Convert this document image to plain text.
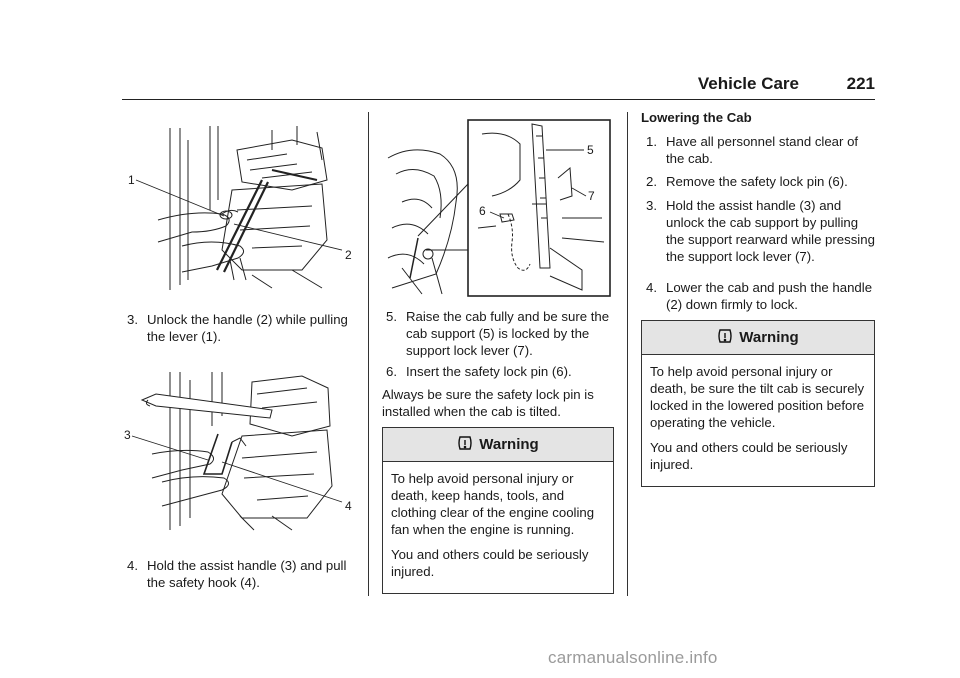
Vehicle Care	221
1
2
3. Unlock the handle (2) while pulling the lever (1).
3
4
4. Hold the assist handle (3) and pull the safety hook (4).
5
7
6
5. Raise the cab fully and be sure the cab support (5) is locked by the support lock lever (7).
6. Insert the safety lock pin (6).
Always be sure the safety lock pin is installed when the cab is tilted.
Warning

To help avoid personal injury or death, keep hands, tools, and clothing clear of the engine cooling fan when the engine is running.

You and others could be seriously injured.

Lowering the Cab
1. Have all personnel stand clear of the cab.
2. Remove the safety lock pin (6).
3. Hold the assist handle (3) and unlock the cab support by pulling the support rearward while pressing the support lock lever (7).
4. Lower the cab and push the handle (2) down firmly to lock.
Warning

To help avoid personal injury or death, be sure the tilt cab is securely locked in the lowered position before operating the vehicle.

You and others could be seriously injured.

carmanualsonline.info
